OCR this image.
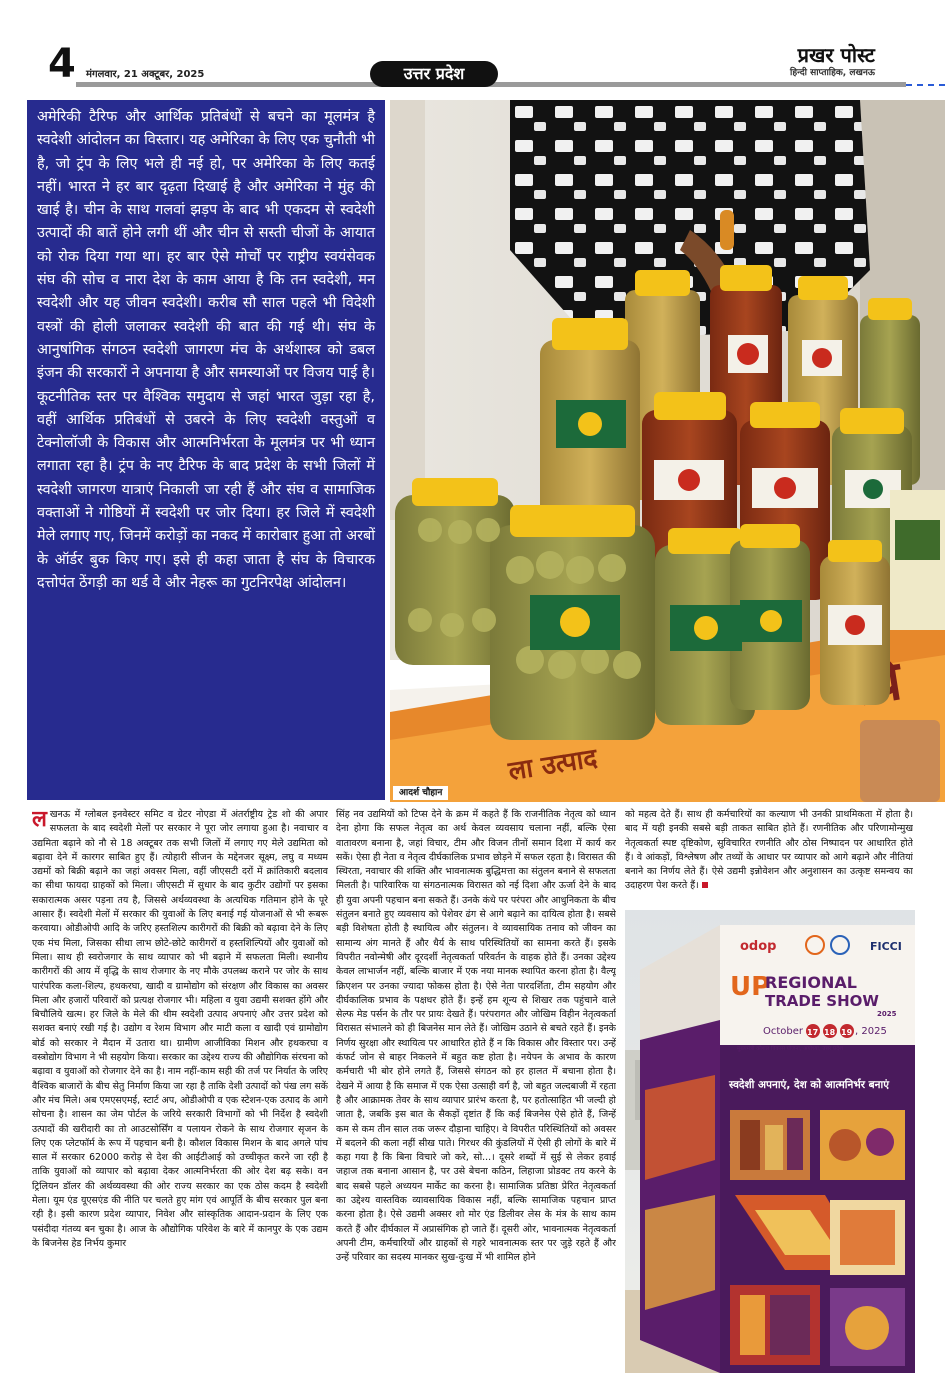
4 मंगलवार, 21 अक्टूबर, 2025	उत्तर प्रदेश
प्रखर पोस्ट
हिन्दी साप्ताहिक, लखनऊ

अमेरिकी टैरिफ और आर्थिक प्रतिबंधों से बचने का मूलमंत्र है स्वदेशी आंदोलन का विस्तार। यह अमेरिका के लिए एक चुनौती भी है, जो ट्रंप के लिए भले ही नई हो, पर अमेरिका के लिए कतई नहीं। भारत ने हर बार दृढ़ता दिखाई है और अमेरिका ने मुंह की खाई है। चीन के साथ गलवां झड़प के बाद भी एकदम से स्वदेशी उत्पादों की बातें होने लगी थीं और चीन से सस्ती चीजों के आयात को रोक दिया गया था। हर बार ऐसे मोर्चों पर राष्ट्रीय स्वयंसेवक संघ की सोच व नारा देश के काम आया है कि तन स्वदेशी, मन स्वदेशी और यह जीवन स्वदेशी। करीब सौ साल पहले भी विदेशी वस्त्रों की होली जलाकर स्वदेशी की बात की गई थी। संघ के आनुषांगिक संगठन स्वदेशी जागरण मंच के अर्थशास्त्र को डबल इंजन की सरकारों ने अपनाया है और समस्याओं पर विजय पाई है। कूटनीतिक स्तर पर वैश्विक समुदाय से जहां भारत जुड़ा रहा है, वहीं आर्थिक प्रतिबंधों से उबरने के लिए स्वदेशी वस्तुओं व टेक्नोलॉजी के विकास और आत्मनिर्भरता के मूलमंत्र पर भी ध्यान लगाता रहा है। ट्रंप के नए टैरिफ के बाद प्रदेश के सभी जिलों में स्वदेशी जागरण यात्राएं निकाली जा रही हैं और संघ व सामाजिक वक्ताओं ने गोष्ठियों में स्वदेशी पर जोर दिया। हर जिले में स्वदेशी मेले लगाए गए, जिनमें करोड़ों का नकद में कारोबार हुआ तो अरबों के ऑर्डर बुक किए गए। इसे ही कहा जाता है संघ के विचारक दत्तोपंत ठेंगड़ी का थर्ड वे और नेहरू का गुटनिरपेक्ष आंदोलन।

ला उत्पाद
आदर्श चौहान
लखनऊ में ग्लोबल इनवेस्टर समिट व ग्रेटर नोएडा में अंतर्राष्ट्रीय ट्रेड शो की अपार सफलता के बाद स्वदेशी मेलों पर सरकार ने पूरा जोर लगाया हुआ है। नवाचार व उद्यमिता बढ़ाने को नौ से 18 अक्टूबर तक सभी जिलों में लगाए गए मेले उद्यमिता को बढ़ावा देने में कारगर साबित हुए हैं। त्योहारी सीजन के मद्देनजर सूक्ष्म, लघु व मध्यम उद्यमों को बिक्री बढ़ाने का जहां अवसर मिला, वहीं जीएसटी दरों में क्रांतिकारी बदलाव का सीधा फायदा ग्राहकों को मिला। जीएसटी में सुधार के बाद कुटीर उद्योगों पर इसका सकारात्मक असर पड़ना तय है, जिससे अर्थव्यवस्था के अत्यधिक गतिमान होने के पूरे आसार हैं। स्वदेशी मेलों में सरकार की युवाओं के लिए बनाई गई योजनाओं से भी रूबरू करवाया। ओडीओपी आदि के जरिए हस्तशिल्प कारीगरों की बिक्री को बढ़ावा देने के लिए एक मंच मिला, जिसका सीधा लाभ छोटे-छोटे कारीगरों व हस्तशिल्पियों और युवाओं को मिला। साथ ही स्वरोजगार के साथ व्यापार को भी बढ़ाने में सफलता मिली। स्थानीय कारीगरों की आय में वृद्धि के साथ रोजगार के नए मौके उपलब्ध कराने पर जोर के साथ पारंपरिक कला-शिल्प, हथकरघा, खादी व ग्रामोद्योग को संरक्षण और विकास का अवसर मिला और हजारों परिवारों को प्रत्यक्ष रोजगार भी। महिला व युवा उद्यमी सशक्त होंगे और बिचौलिये खत्म। हर जिले के मेले की थीम स्वदेशी उत्पाद अपनाएं और उत्तर प्रदेश को सशक्त बनाएं रखी गई है। उद्योग व रेशम विभाग और माटी कला व खादी एवं ग्रामोद्योग बोर्ड को सरकार ने मैदान में उतारा था। ग्रामीण आजीविका मिशन और हथकरघा व वस्त्रोद्योग विभाग ने भी सहयोग किया। सरकार का उद्देश्य राज्य की औद्योगिक संरचना को बढ़ावा व युवाओं को रोजगार देने का है। नाम नहीं-काम सही की तर्ज पर निर्यात के जरिए वैश्विक बाजारों के बीच सेतु निर्माण किया जा रहा है ताकि देशी उत्पादों को पंख लग सकें और मंच मिले। अब एमएसएमई, स्टार्ट अप, ओडीओपी व एक स्टेशन-एक उत्पाद के आगे सोचना है। शासन का जेम पोर्टल के जरिये सरकारी विभागों को भी निर्देश है स्वदेशी उत्पादों की खरीदारी का तो आउटसोर्सिंग व पलायन रोकने के साथ रोजगार सृजन के लिए एक प्लेटफॉर्म के रूप में पहचान बनी है। कौशल विकास मिशन के बाद अगले पांच साल में सरकार 62000 करोड़ से देश की आईटीआई को उच्चीकृत करने जा रही है ताकि युवाओं को व्यापार को बढ़ावा देकर आत्मनिर्भरता की ओर देश बढ़ सके। वन ट्रिलियन डॉलर की अर्थव्यवस्था की ओर राज्य सरकार का एक ठोस कदम है स्वदेशी मेला। यूम एंड यूएसएंड की नीति पर चलते हुए मांग एवं आपूर्ति के बीच सरकार पुल बना रही है। इसी कारण प्रदेश व्यापार, निवेश और सांस्कृतिक आदान-प्रदान के लिए एक पसंदीदा गंतव्य बन चुका है। आज के औद्योगिक परिवेश के बारे में कानपुर के एक उद्यम के बिजनेस हेड निर्भय कुमार
सिंह नव उद्यमियों को टिप्स देने के क्रम में कहते हैं कि राजनीतिक नेतृत्व को ध्यान देना होगा कि सफल नेतृत्व का अर्थ केवल व्यवसाय चलाना नहीं, बल्कि ऐसा वातावरण बनाना है, जहां विचार, टीम और विजन तीनों समान दिशा में कार्य कर सकें। ऐसा ही नेता व नेतृत्व दीर्घकालिक प्रभाव छोड़ने में सफल रहता है। विरासत की स्थिरता, नवाचार की शक्ति और भावनात्मक बुद्धिमत्ता का संतुलन बनाने से सफलता मिलती है। पारिवारिक या संगठनात्मक विरासत को नई दिशा और ऊर्जा देने के बाद ही युवा अपनी पहचान बना सकते हैं। उनके कंधे पर परंपरा और आधुनिकता के बीच संतुलन बनाते हुए व्यवसाय को पेशेवर ढंग से आगे बढ़ाने का दायित्व होता है। सबसे बड़ी विशेषता होती है स्थायित्व और संतुलन। वे व्यावसायिक तनाव को जीवन का सामान्य अंग मानते हैं और धैर्य के साथ परिस्थितियों का सामना करते हैं। इसके विपरीत नवोन्मेषी और दूरदर्शी नेतृत्वकर्ता परिवर्तन के वाहक होते हैं। उनका उद्देश्य केवल लाभार्जन नहीं, बल्कि बाजार में एक नया मानक स्थापित करना होता है। वैल्यू क्रिएशन पर उनका ज्यादा फोकस होता है। ऐसे नेता पारदर्शिता, टीम सहयोग और दीर्घकालिक प्रभाव के पक्षधर होते हैं। इन्हें हम शून्य से शिखर तक पहुंचाने वाले सेल्फ मेड पर्सन के तौर पर प्रायः देखते हैं। परंपरागत और जोखिम विहीन नेतृत्वकर्ता विरासत संभालने को ही बिजनेस मान लेते हैं। जोखिम उठाने से बचते रहते हैं। इनके निर्णय सुरक्षा और स्थायित्व पर आधारित होते हैं न कि विकास और विस्तार पर। उन्हें कंफर्ट जोन से बाहर निकलने में बहुत कष्ट होता है। नयेपन के अभाव के कारण कर्मचारी भी बोर होने लगते हैं, जिससे संगठन को हर हालत में बचाना होता है। देखने में आया है कि समाज में एक ऐसा उत्साही वर्ग है, जो बहुत जल्दबाजी में रहता है और आक्रामक तेवर के साथ व्यापार प्रारंभ करता है, पर हतोत्साहित भी जल्दी हो जाता है, जबकि इस बात के सैकड़ों दृष्टांत हैं कि कई बिजनेस ऐसे होते हैं, जिन्हें कम से कम तीन साल तक जरूर दौड़ाना चाहिए। वे विपरीत परिस्थितियों को अवसर में बदलने की कला नहीं सीख पाते। गिरधर की कुंडलियों में ऐसी ही लोगों के बारे में कहा गया है कि बिना विचारे जो करे, सो...। दूसरे शब्दों में सुई से लेकर हवाई जहाज तक बनाना आसान है, पर उसे बेचना कठिन, लिहाजा प्रोडक्ट तय करने के बाद सबसे पहले अध्ययन मार्केट का करना है। सामाजिक प्रतिष्ठा प्रेरित नेतृत्वकर्ता का उद्देश्य वास्तविक व्यावसायिक विकास नहीं, बल्कि सामाजिक पहचान प्राप्त करना होता है। ऐसे उद्यमी अक्सर शो मोर एंड डिलीवर लेस के मंत्र के साथ काम करते हैं और दीर्घकाल में अप्रासंगिक हो जाते हैं। दूसरी ओर, भावनात्मक नेतृत्वकर्ता अपनी टीम, कर्मचारियों और ग्राहकों से गहरे भावनात्मक स्तर पर जुड़े रहते हैं और उन्हें परिवार का सदस्य मानकर सुख-दुःख में भी शामिल होने
को महत्व देते हैं। साथ ही कर्मचारियों का कल्याण भी उनकी प्राथमिकता में होता है। बाद में यही इनकी सबसे बड़ी ताकत साबित होते हैं। रणनीतिक और परिणामोन्मुख नेतृत्वकर्ता स्पष्ट दृष्टिकोण, सुविचारित रणनीति और ठोस निष्पादन पर आधारित होते हैं। वे आंकड़ों, विश्लेषण और तथ्यों के आधार पर व्यापार को आगे बढ़ाने और नीतियां बनाने का निर्णय लेते हैं। ऐसे उद्यमी इन्नोवेशन और अनुशासन का उत्कृष्ट समन्वय का उदाहरण पेश करते हैं।
odop	FICCI
UP
REGIONAL
TRADE SHOW
2025
October 17 18 19 , 2025
मुख्यमंत्री कौशल विकास योजना, अयोध्या, उत्तर प्रदेश
स्वदेशी अपनाएं, देश को आत्मनिर्भर बनाएं
